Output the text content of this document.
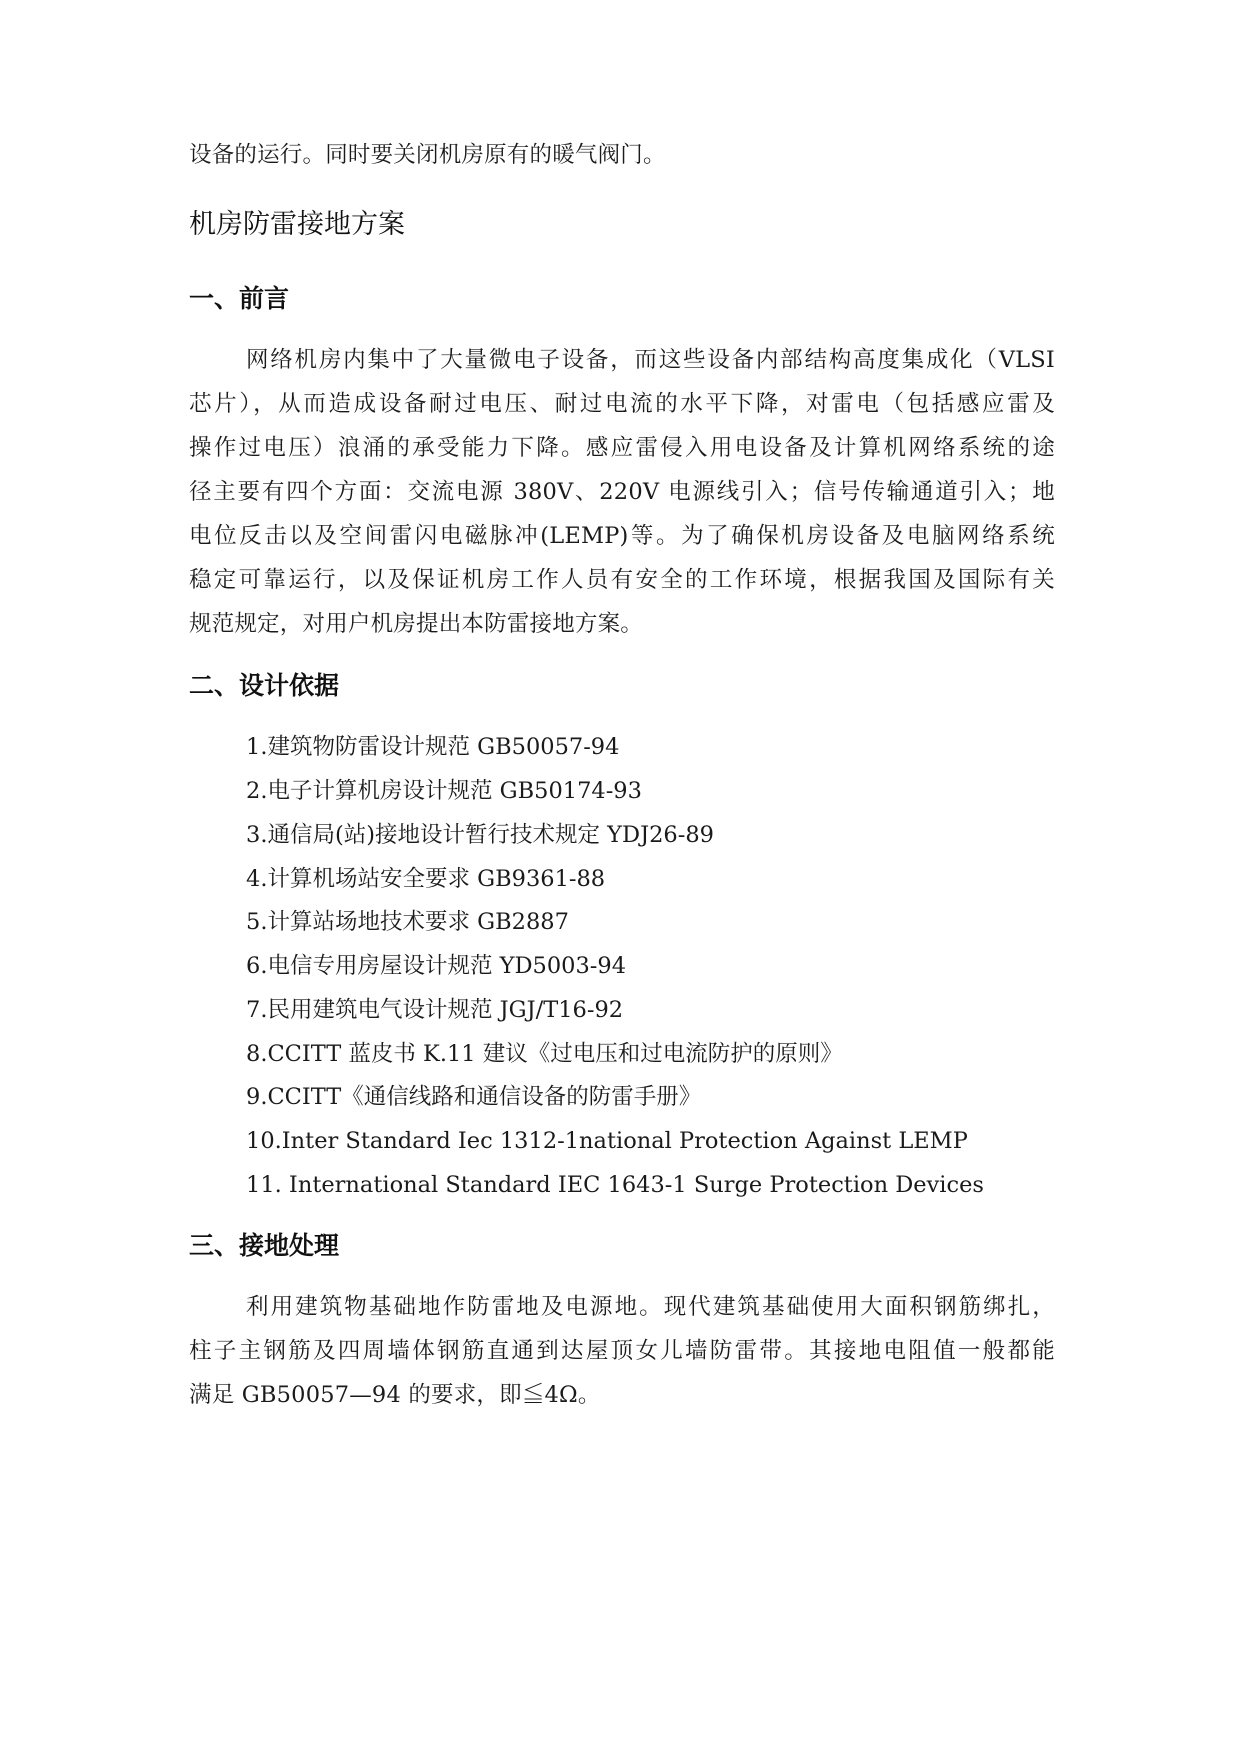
设备的运行。同时要关闭机房原有的暖气阀门。
机房防雷接地方案
一、前言
网络机房内集中了大量微电子设备，而这些设备内部结构高度集成化（VLSI
芯片），从而造成设备耐过电压、耐过电流的水平下降，对雷电（包括感应雷及
操作过电压）浪涌的承受能力下降。感应雷侵入用电设备及计算机网络系统的途
径主要有四个方面：交流电源 380V、220V 电源线引入；信号传输通道引入；地
电位反击以及空间雷闪电磁脉冲(LEMP)等。为了确保机房设备及电脑网络系统
稳定可靠运行，以及保证机房工作人员有安全的工作环境，根据我国及国际有关
规范规定，对用户机房提出本防雷接地方案。
二、设计依据
1.建筑物防雷设计规范 GB50057-94
2.电子计算机房设计规范 GB50174-93
3.通信局(站)接地设计暂行技术规定 YDJ26-89
4.计算机场站安全要求 GB9361-88
5.计算站场地技术要求 GB2887
6.电信专用房屋设计规范 YD5003-94
7.民用建筑电气设计规范 JGJ/T16-92
8.CCITT 蓝皮书 K.11 建议《过电压和过电流防护的原则》
9.CCITT《通信线路和通信设备的防雷手册》
10.Inter Standard Iec 1312-1national Protection Against LEMP
11. International Standard IEC 1643-1 Surge Protection Devices
三、接地处理
利用建筑物基础地作防雷地及电源地。现代建筑基础使用大面积钢筋绑扎，
柱子主钢筋及四周墙体钢筋直通到达屋顶女儿墙防雷带。其接地电阻值一般都能
满足 GB50057—94 的要求，即≦4Ω。
